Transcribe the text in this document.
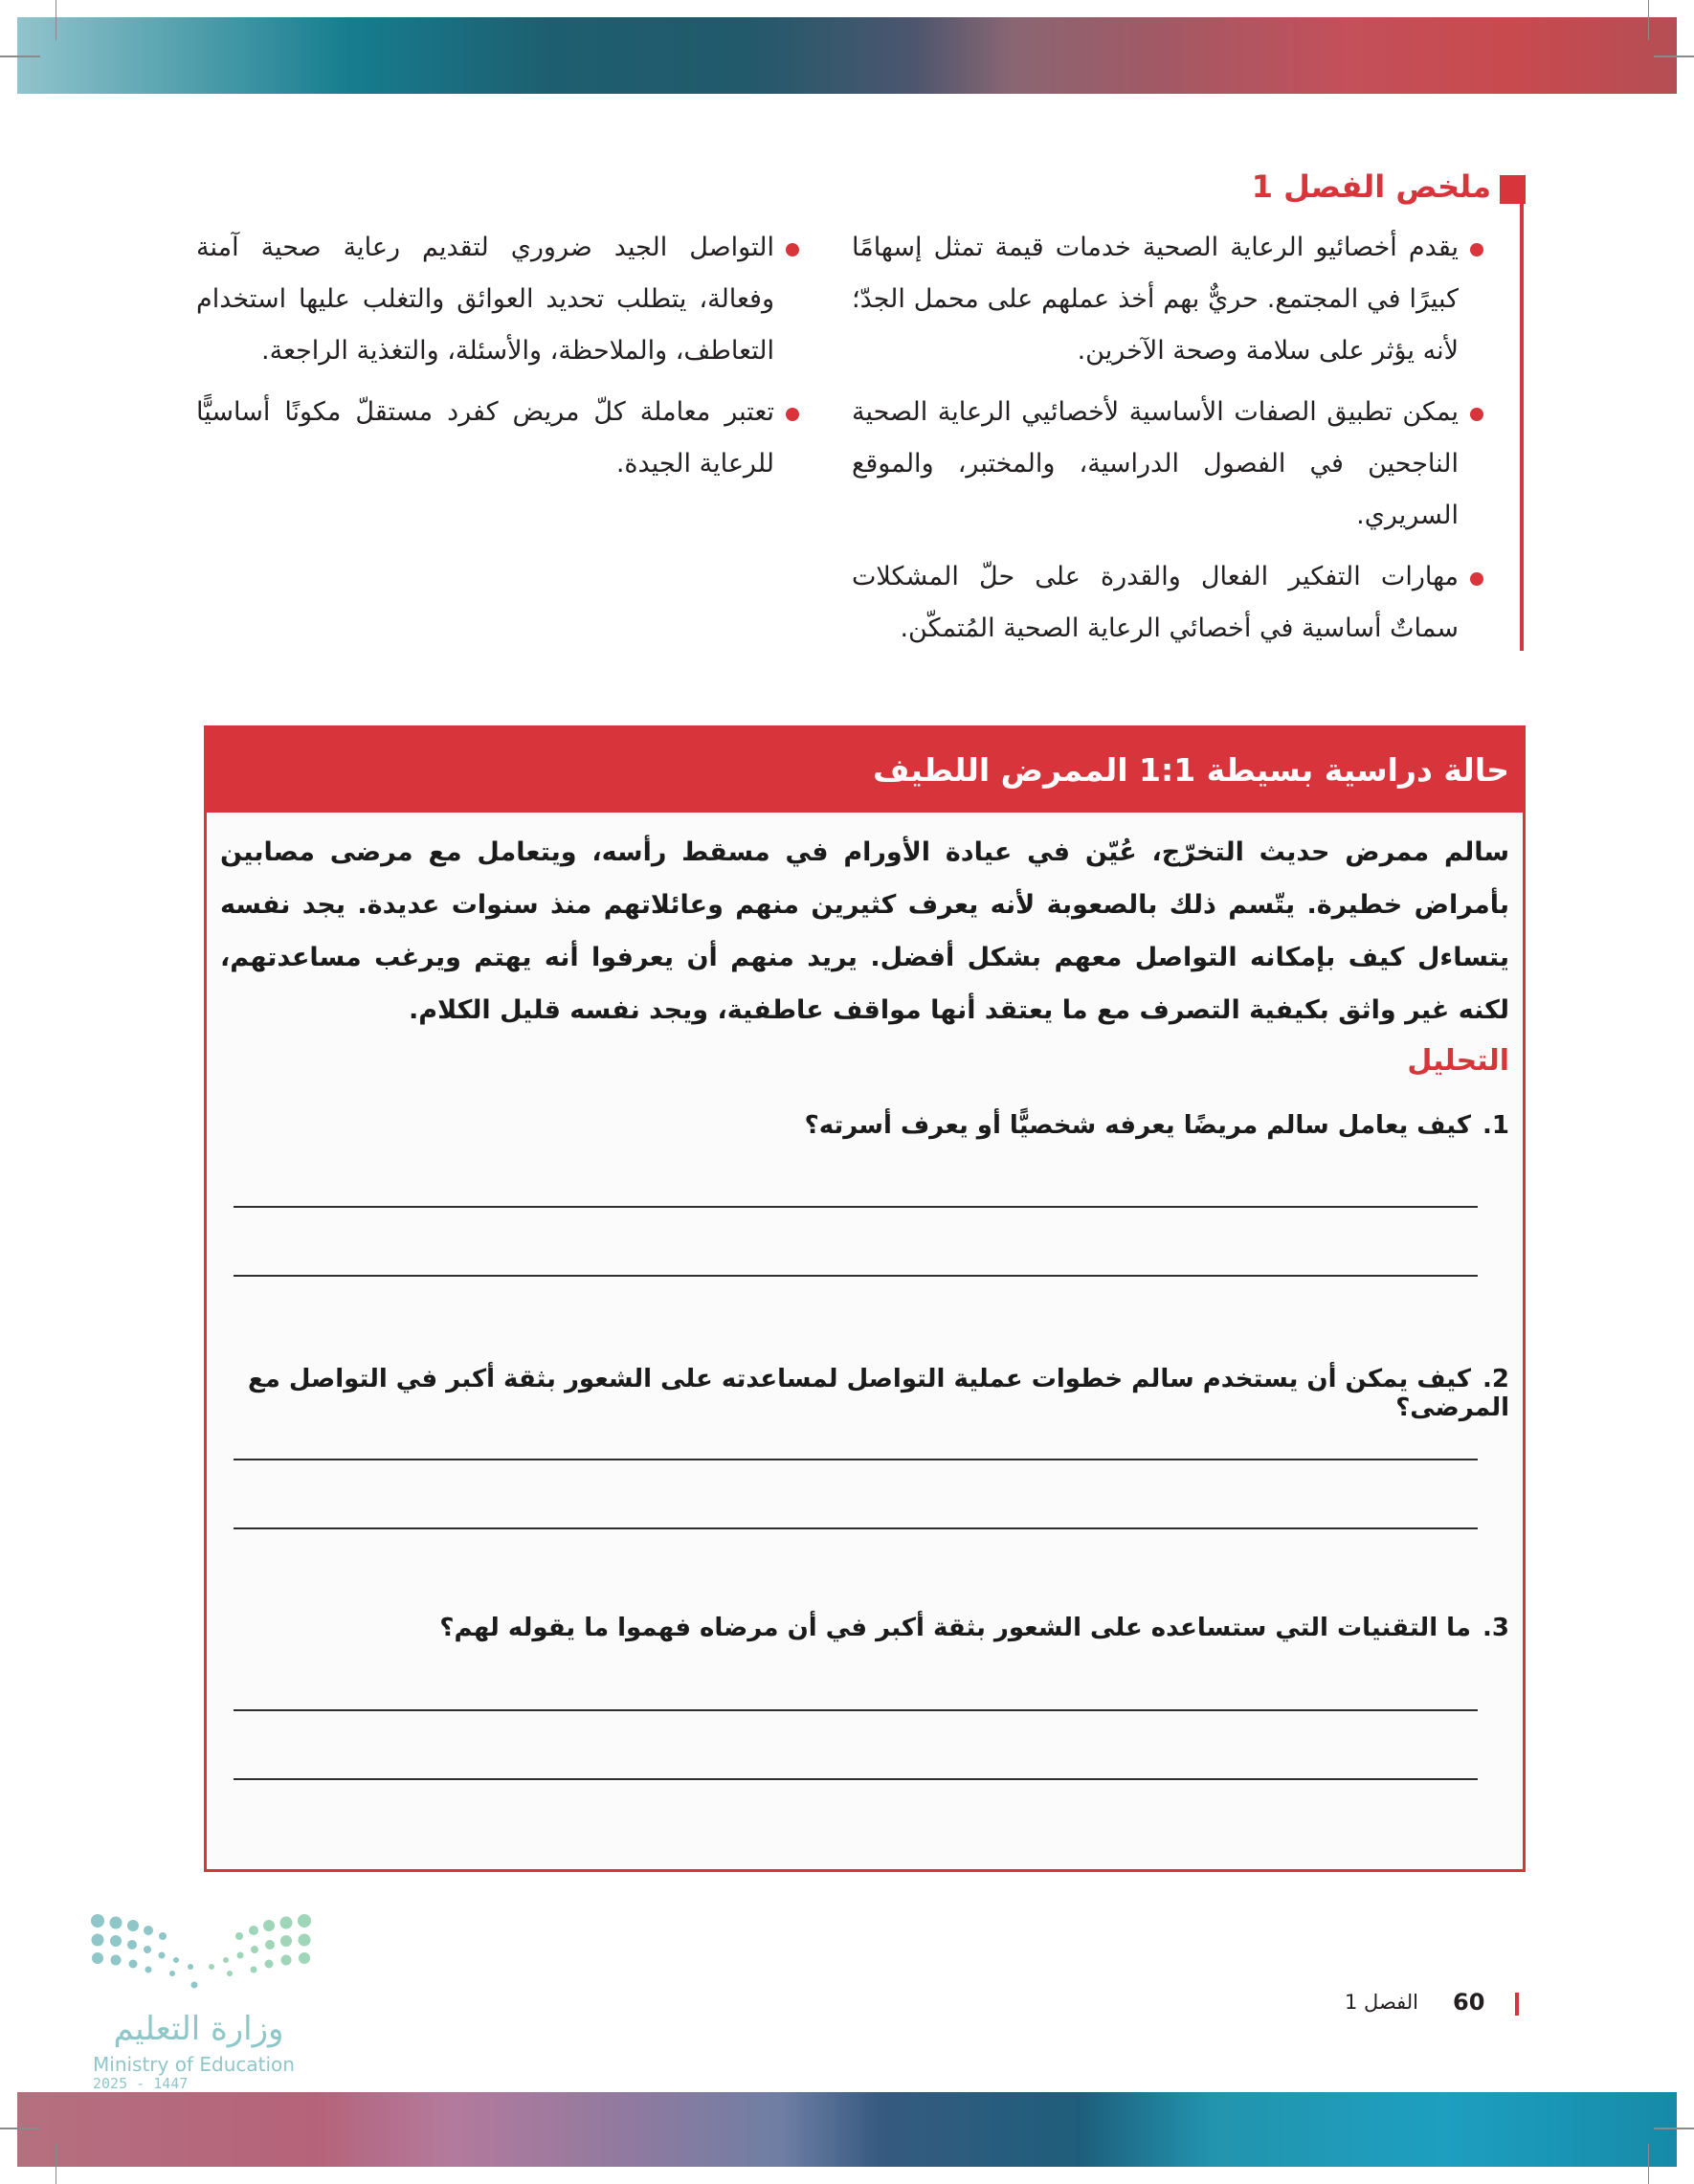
ملخص الفصل 1
يقدم أخصائيو الرعاية الصحية خدمات قيمة تمثل إسهامًا كبيرًا في المجتمع. حريٌّ بهم أخذ عملهم على محمل الجدّ؛ لأنه يؤثر على سلامة وصحة الآخرين.
يمكن تطبيق الصفات الأساسية لأخصائيي الرعاية الصحية الناجحين في الفصول الدراسية، والمختبر، والموقع السريري.
مهارات التفكير الفعال والقدرة على حلّ المشكلات سماتٌ أساسية في أخصائي الرعاية الصحية المُتمكّن.
التواصل الجيد ضروري لتقديم رعاية صحية آمنة وفعالة، يتطلب تحديد العوائق والتغلب عليها استخدام التعاطف، والملاحظة، والأسئلة، والتغذية الراجعة.
تعتبر معاملة كلّ مريض كفرد مستقلّ مكونًا أساسيًّا للرعاية الجيدة.
حالة دراسية بسيطة 1:1 الممرض اللطيف

سالم ممرض حديث التخرّج، عُيّن في عيادة الأورام في مسقط رأسه، ويتعامل مع مرضى مصابين بأمراض خطيرة. يتّسم ذلك بالصعوبة لأنه يعرف كثيرين منهم وعائلاتهم منذ سنوات عديدة. يجد نفسه يتساءل كيف بإمكانه التواصل معهم بشكل أفضل. يريد منهم أن يعرفوا أنه يهتم ويرغب مساعدتهم، لكنه غير واثق بكيفية التصرف مع ما يعتقد أنها مواقف عاطفية، ويجد نفسه قليل الكلام.

التحليل
1.كيف يعامل سالم مريضًا يعرفه شخصيًّا أو يعرف أسرته؟
2.كيف يمكن أن يستخدم سالم خطوات عملية التواصل لمساعدته على الشعور بثقة أكبر في التواصل مع المرضى؟
3.ما التقنيات التي ستساعده على الشعور بثقة أكبر في أن مرضاه فهموا ما يقوله لهم؟
وزارة التعليم
Ministry of Education
2025 - 1447
60
الفصل 1
